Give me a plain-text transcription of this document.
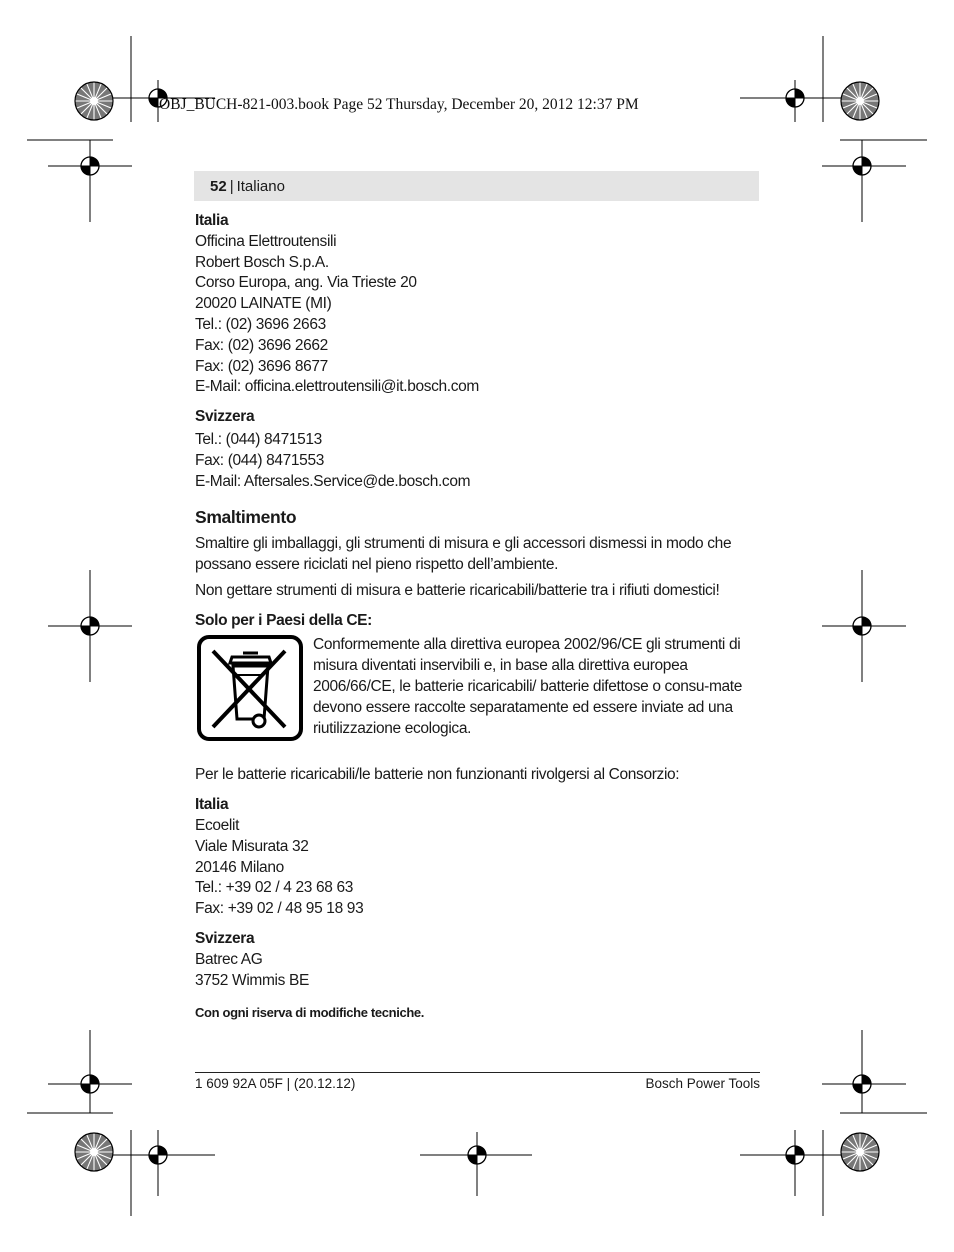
OBJ_BUCH-821-003.book Page 52 Thursday, December 20, 2012 12:37 PM
52 | Italiano

Italia

Officina Elettroutensili

Robert Bosch S.p.A.

Corso Europa, ang. Via Trieste 20

20020 LAINATE (MI)

Tel.: (02) 3696 2663

Fax: (02) 3696 2662

Fax: (02) 3696 8677

E-Mail: officina.elettroutensili@it.bosch.com

Svizzera

Tel.: (044) 8471513

Fax: (044) 8471553

E-Mail: Aftersales.Service@de.bosch.com

Smaltimento

Smaltire gli imballaggi, gli strumenti di misura e gli accessori dismessi in modo che possano essere riciclati nel pieno rispetto dell’ambiente.

Non gettare strumenti di misura e batterie ricaricabili/batterie tra i rifiuti domestici!

Solo per i Paesi della CE:

Conformemente alla direttiva europea 2002/96/CE gli strumenti di misura diventati inservibili e, in base alla direttiva europea 2006/66/CE, le batterie ricaricabili/ batterie difettose o consu-mate devono essere raccolte separatamente ed essere inviate ad una riutilizzazione ecologica.

Per le batterie ricaricabili/le batterie non funzionanti rivolgersi al Consorzio:

Italia

Ecoelit

Viale Misurata 32

20146 Milano

Tel.: +39 02 / 4 23 68 63

Fax: +39 02 / 48 95 18 93

Svizzera

Batrec AG

3752 Wimmis BE

Con ogni riserva di modifiche tecniche.

1 609 92A 05F | (20.12.12)	Bosch Power Tools
